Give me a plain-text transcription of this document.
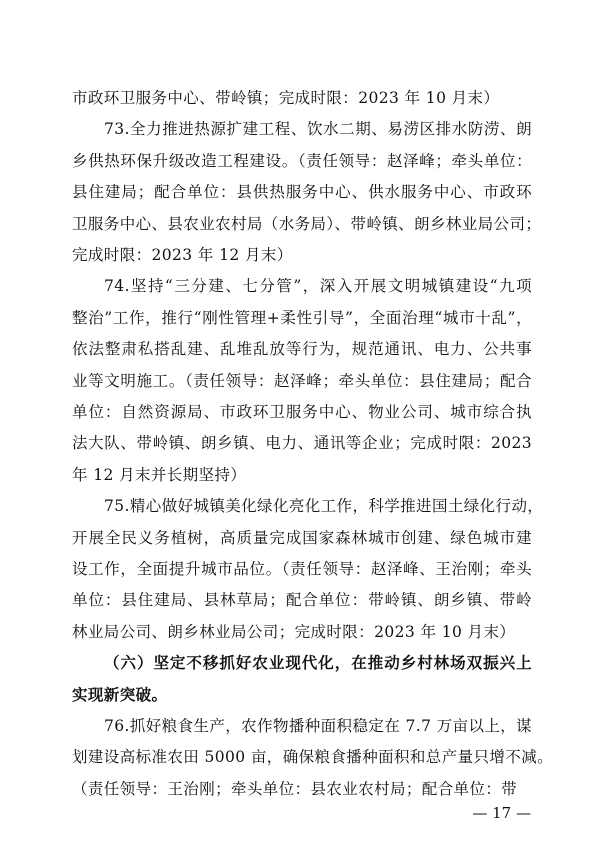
市政环卫服务中心、带岭镇；完成时限：2023 年 10 月末）
73.全力推进热源扩建工程、饮水二期、易涝区排水防涝、朗
乡供热环保升级改造工程建设。（责任领导：赵泽峰；牵头单位：
县住建局；配合单位：县供热服务中心、供水服务中心、市政环
卫服务中心、县农业农村局（水务局）、带岭镇、朗乡林业局公司；
完成时限：2023 年 12 月末）
74.坚持“三分建、七分管”，深入开展文明城镇建设“九项
整治”工作，推行“刚性管理+柔性引导”，全面治理“城市十乱”，
依法整肃私搭乱建、乱堆乱放等行为，规范通讯、电力、公共事
业等文明施工。（责任领导：赵泽峰；牵头单位：县住建局；配合
单位：自然资源局、市政环卫服务中心、物业公司、城市综合执
法大队、带岭镇、朗乡镇、电力、通讯等企业；完成时限：2023
年 12 月末并长期坚持）
75.精心做好城镇美化绿化亮化工作，科学推进国土绿化行动，
开展全民义务植树，高质量完成国家森林城市创建、绿色城市建
设工作，全面提升城市品位。（责任领导：赵泽峰、王治刚；牵头
单位：县住建局、县林草局；配合单位：带岭镇、朗乡镇、带岭
林业局公司、朗乡林业局公司；完成时限：2023 年 10 月末）
（六）坚定不移抓好农业现代化，在推动乡村林场双振兴上
实现新突破。
76.抓好粮食生产，农作物播种面积稳定在 7.7 万亩以上，谋
划建设高标准农田 5000 亩，确保粮食播种面积和总产量只增不减。
（责任领导：王治刚；牵头单位：县农业农村局；配合单位：带
— 17 —
